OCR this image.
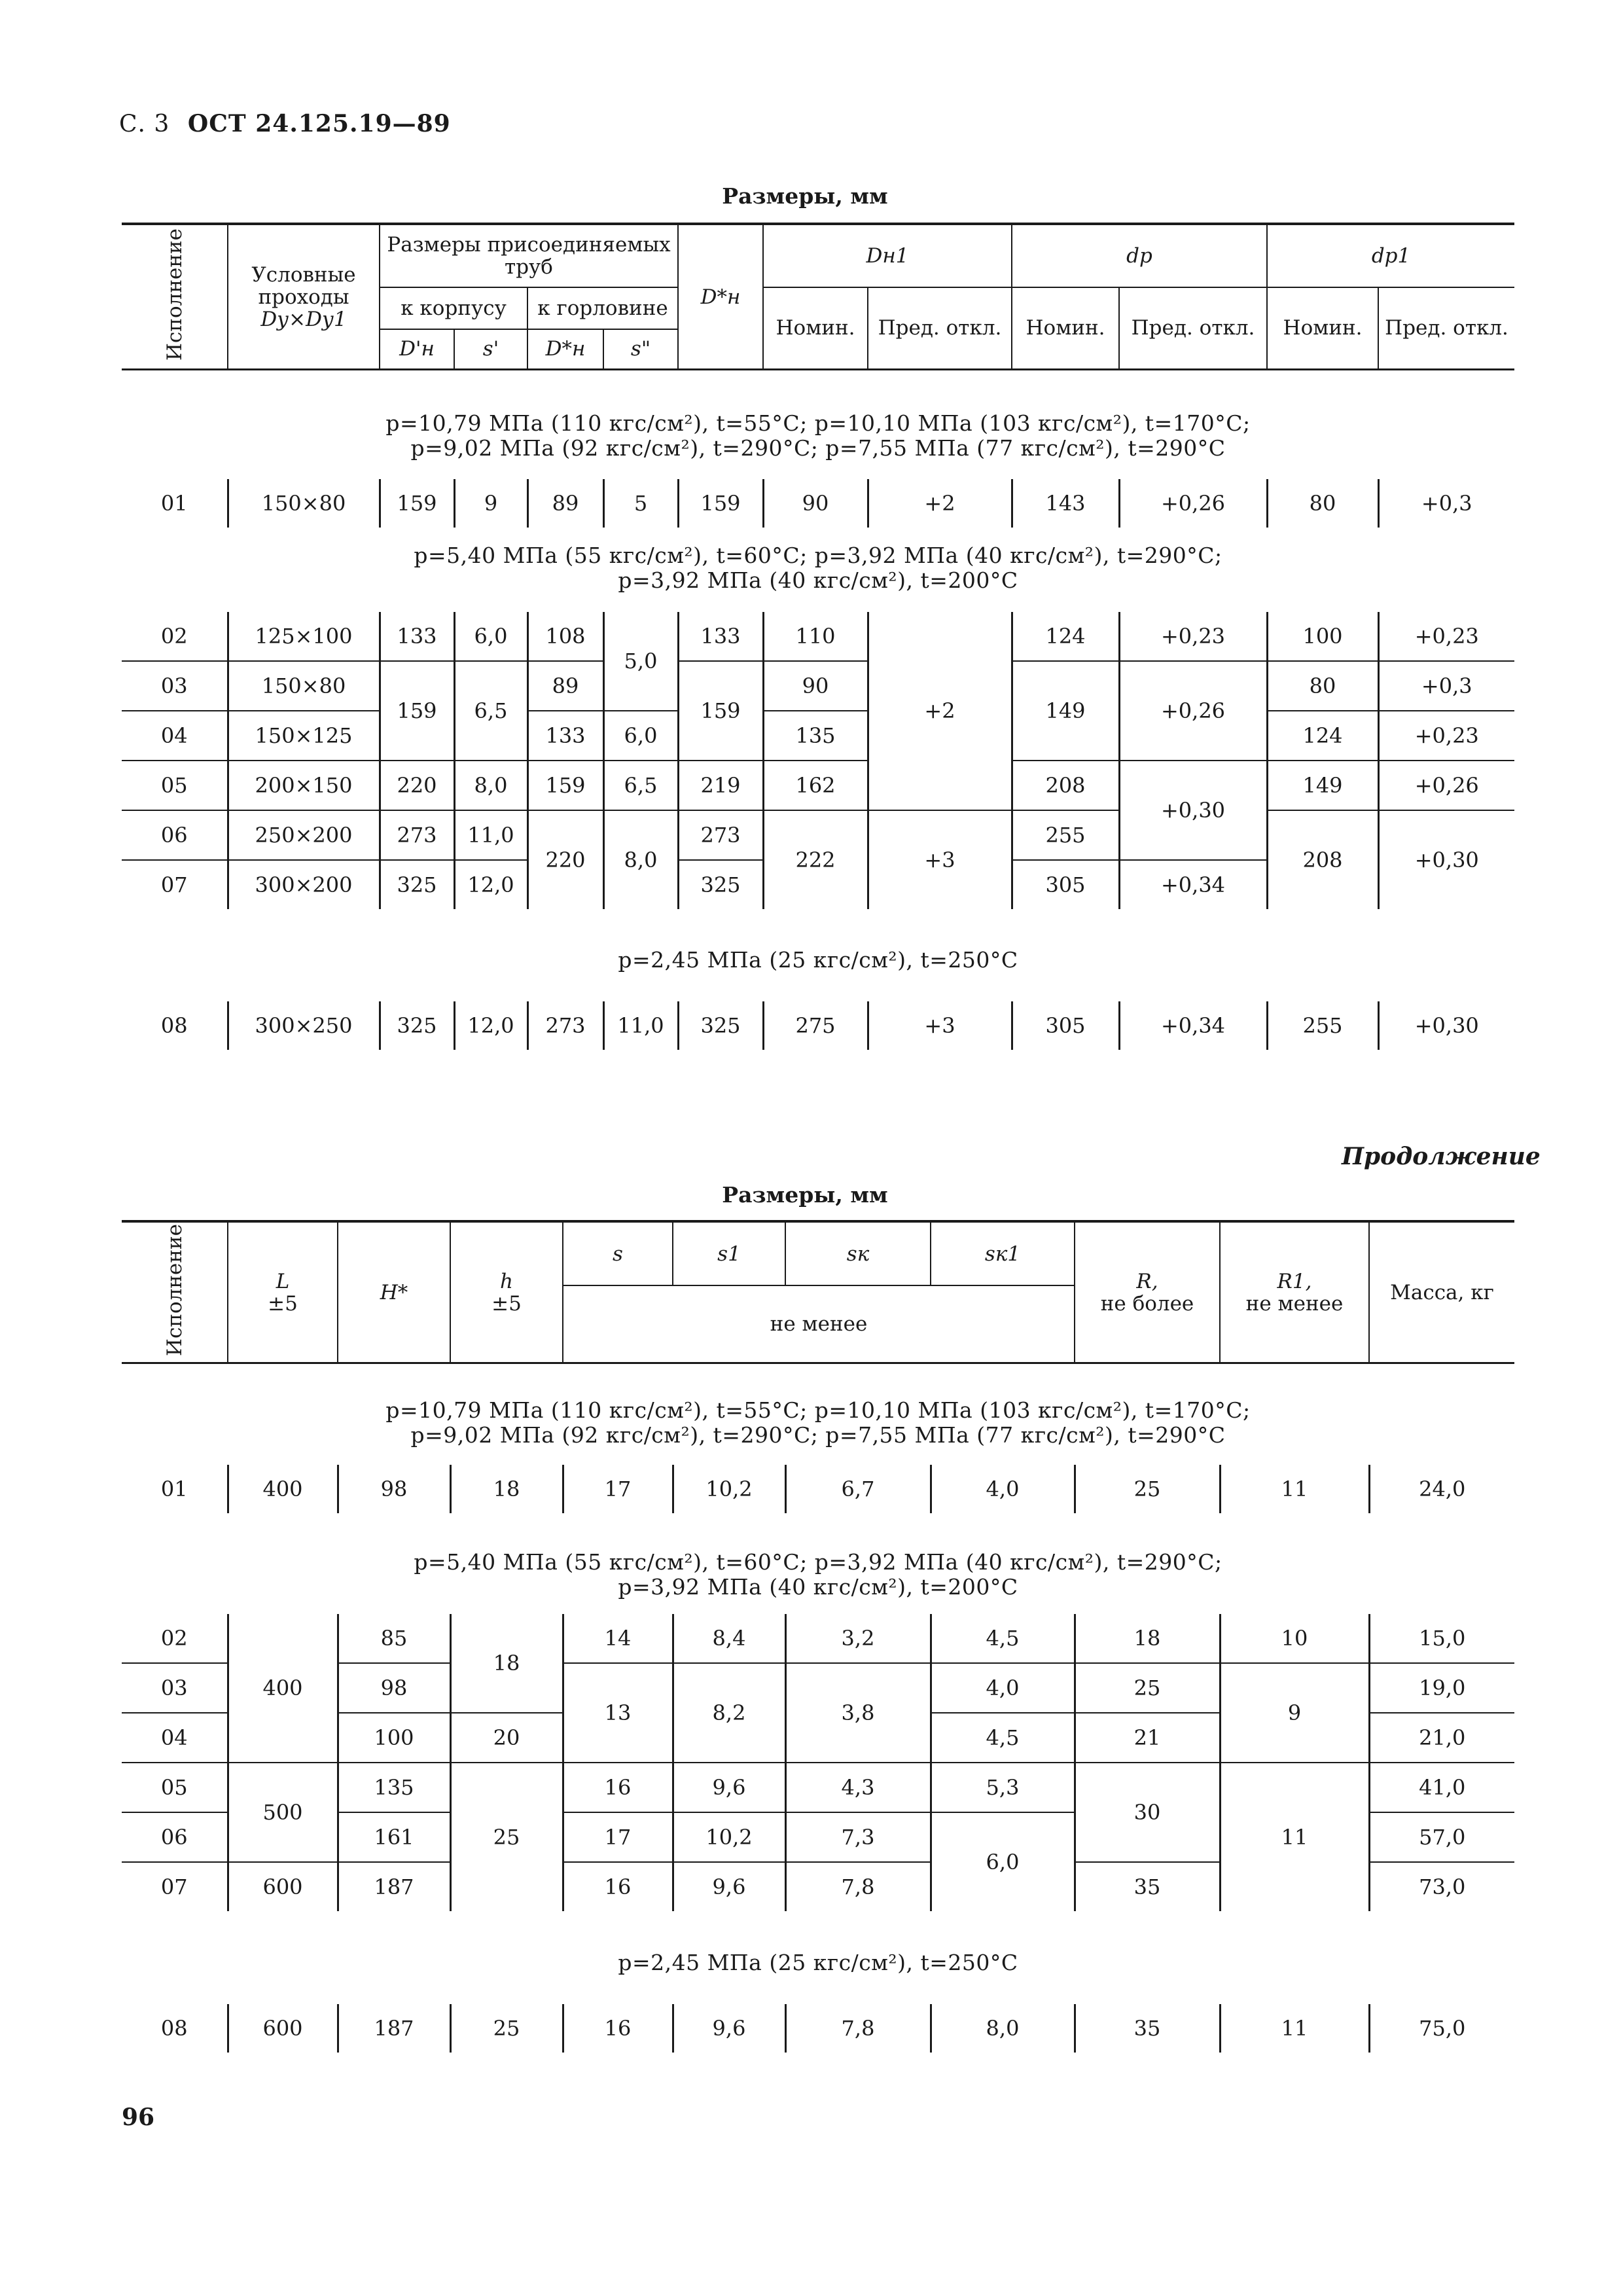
С. 3 ОСТ 24.125.19—89
Размеры, мм
Исполнение	Условные проходы
Dу×Dу1	Размеры присоединяемых труб				D*н	Dн1		dр		dр1	
		к корпусу		к горловине			Номин.	Пред. откл.	Номин.	Пред. откл.	Номин.	Пред. откл.
		D'н	s'	D*н	s"							
p=10,79 МПа (110 кгс/см²), t=55°С; p=10,10 МПа (103 кгс/см²), t=170°С;
p=9,02 МПа (92 кгс/см²), t=290°С; p=7,55 МПа (77 кгс/см²), t=290°С
01	150×80	159	9	89	5	159	90	+2	143	+0,26	80	+0,3
p=5,40 МПа (55 кгс/см²), t=60°С; p=3,92 МПа (40 кгс/см²), t=290°С;
p=3,92 МПа (40 кгс/см²), t=200°С
02	125×100	133	6,0	108	5,0	133	110	+2	124	+0,23	100	+0,23
03	150×80	159	6,5	89		159	90		149	+0,26	80	+0,3
04	150×125			133	6,0		135				124	+0,23
05	200×150	220	8,0	159	6,5	219	162		208	+0,30	149	+0,26
06	250×200	273	11,0	220	8,0	273	222	+3	255		208	+0,30
07	300×200	325	12,0			325			305	+0,34		
p=2,45 МПа (25 кгс/см²), t=250°С
08	300×250	325	12,0	273	11,0	325	275	+3	305	+0,34	255	+0,30
Продолжение
Размеры, мм
Исполнение	L
±5	H*	h
±5	s	s1	sк	sк1	R,
не более	R1,
не менее	Масса, кг
не менее
p=10,79 МПа (110 кгс/см²), t=55°С; p=10,10 МПа (103 кгс/см²), t=170°С;
p=9,02 МПа (92 кгс/см²), t=290°С; p=7,55 МПа (77 кгс/см²), t=290°С
01	400	98	18	17	10,2	6,7	4,0	25	11	24,0
p=5,40 МПа (55 кгс/см²), t=60°С; p=3,92 МПа (40 кгс/см²), t=290°С;
p=3,92 МПа (40 кгс/см²), t=200°С
02	400	85	18	14	8,4	3,2	4,5	18	10	15,0
03		98		13	8,2	3,8	4,0	25	9	19,0
04		100	20				4,5	21		21,0
05	500	135	25	16	9,6	4,3	5,3	30	11	41,0
06		161		17	10,2	7,3	6,0			57,0
07	600	187		16	9,6	7,8		35		73,0
p=2,45 МПа (25 кгс/см²), t=250°С
08	600	187	25	16	9,6	7,8	8,0	35	11	75,0
96
